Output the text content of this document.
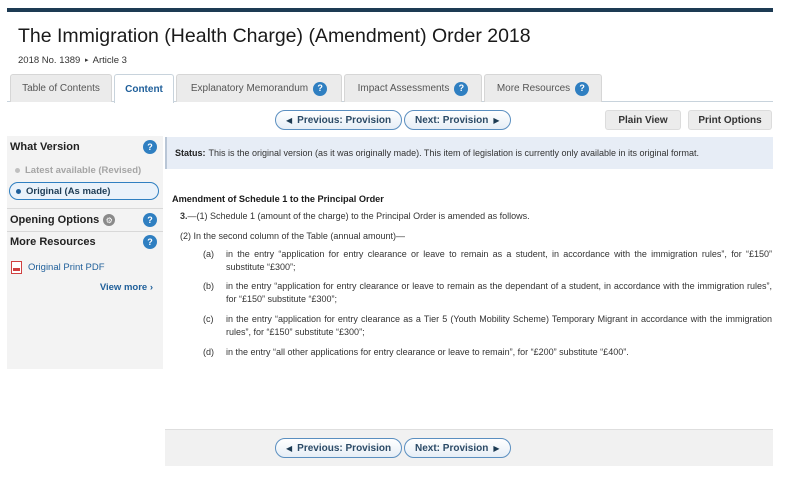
The Immigration (Health Charge) (Amendment) Order 2018
2018 No. 1389 ▸ Article 3
Table of Contents	Content	Explanatory Memorandum	?	Impact Assessments	?	More Resources	?
◀ Previous: Provision Next: Provision ▶	Plain View	Print Options
What Version	?
Latest available (Revised)
Original (As made)
Opening Options ⚙	?
More Resources	?
Original Print PDF
View more ›
Status: This is the original version (as it was originally made). This item of legislation is currently only available in its original format.
Amendment of Schedule 1 to the Principal Order
3.—(1) Schedule 1 (amount of the charge) to the Principal Order is amended as follows.
(2) In the second column of the Table (annual amount)—
(a) in the entry “application for entry clearance or leave to remain as a student, in accordance with the immigration rules”, for “£150” substitute “£300”;
(b) in the entry “application for entry clearance or leave to remain as the dependant of a student, in accordance with the immigration rules”, for “£150” substitute “£300”;
(c) in the entry “application for entry clearance as a Tier 5 (Youth Mobility Scheme) Temporary Migrant in accordance with the immigration rules”, for “£150” substitute “£300”;
(d) in the entry “all other applications for entry clearance or leave to remain”, for “£200” substitute “£400”.
◀ Previous: Provision Next: Provision ▶
